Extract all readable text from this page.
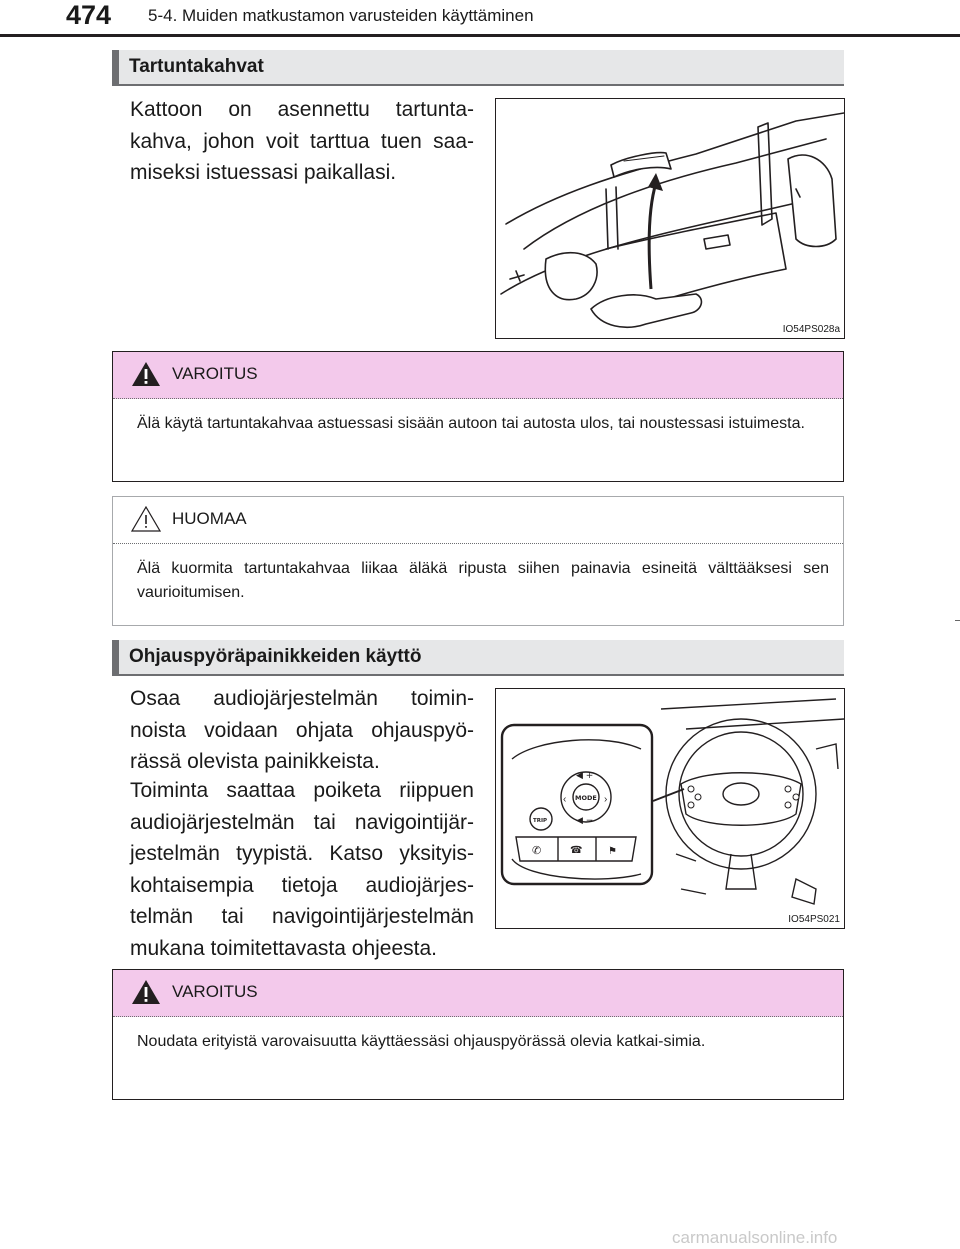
474 5-4. Muiden matkustamon varusteiden käyttäminen
Tartuntakahvat
Kattoon on asennettu tartunta-kahva, johon voit tarttua tuen saa-miseksi istuessasi paikallasi.
IO54PS028a
VAROITUS
Älä käytä tartuntakahvaa astuessasi sisään autoon tai autosta ulos, tai noustessasi istuimesta.
HUOMAA
Älä kuormita tartuntakahvaa liikaa äläkä ripusta siihen painavia esineitä välttääksesi sen vaurioitumisen.
Ohjauspyöräpainikkeiden käyttö
Osaa audiojärjestelmän toimin-noista voidaan ohjata ohjauspyö-rässä olevista painikkeista.
Toiminta saattaa poiketa riippuen audiojärjestelmän tai navigointijär-jestelmän tyypistä. Katso yksityis-kohtaisempia tietoja audiojärjes-telmän tai navigointijärjestelmän mukana toimitettavasta ohjeesta.
◀ +
◀ −
MODE
TRIP
‹	›
✆	☎	⚑
IO54PS021
VAROITUS
Noudata erityistä varovaisuutta käyttäessäsi ohjauspyörässä olevia katkai-simia.
carmanualsonline.info
